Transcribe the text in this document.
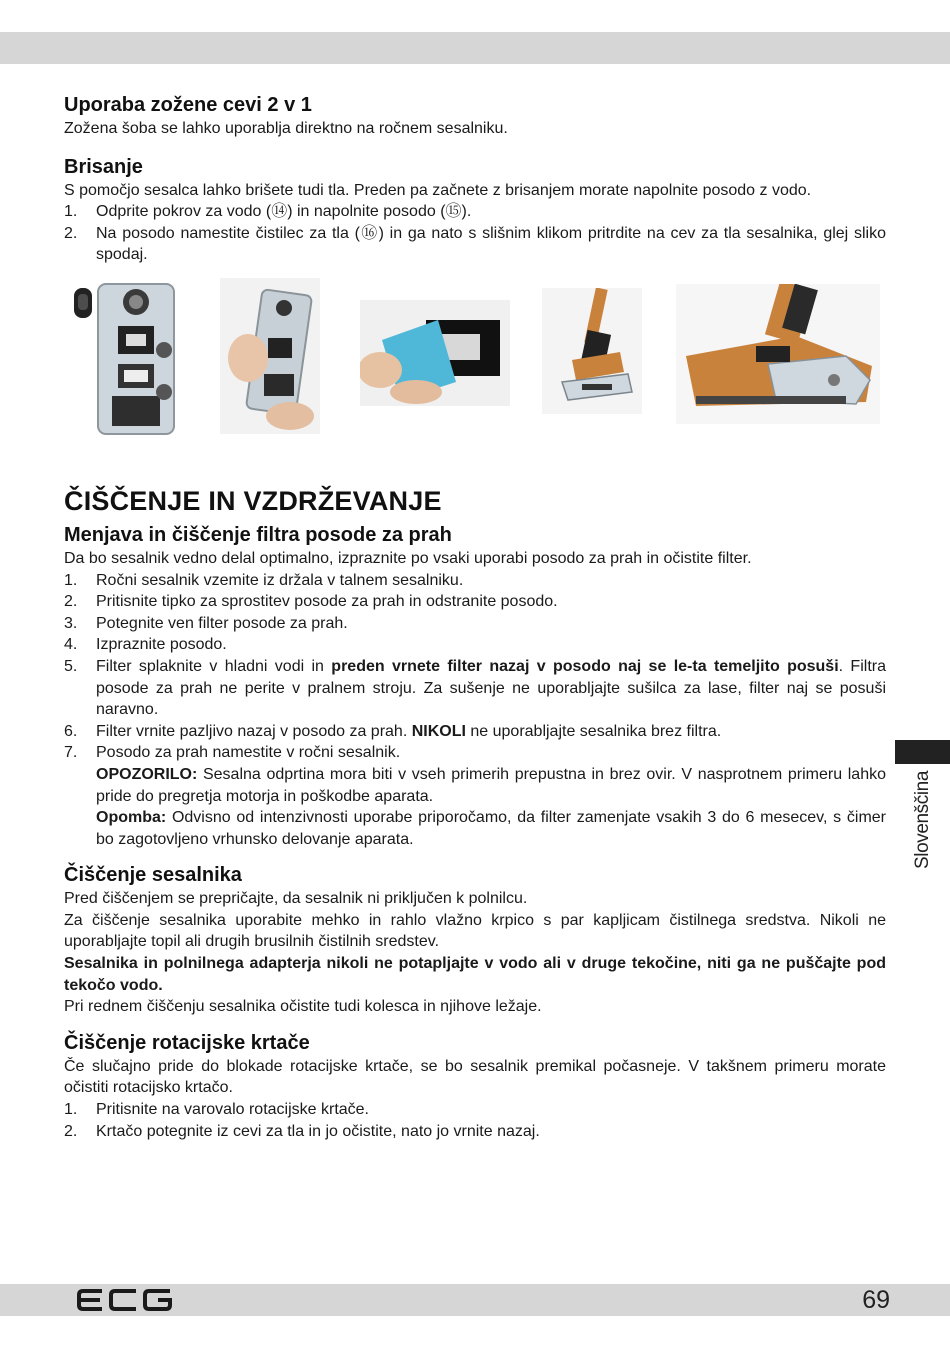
Slovenščina
Uporaba zožene cevi 2 v 1

Zožena šoba se lahko uporablja direktno na ročnem sesalniku.

Brisanje

S pomočjo sesalca lahko brišete tudi tla. Preden pa začnete z brisanjem morate napolnite posodo z vodo.

1. Odprite pokrov za vodo (⑭) in napolnite posodo (⑮).
2. Na posodo namestite čistilec za tla (⑯) in ga nato s slišnim klikom pritrdite na cev za tla sesalnika, glej sliko spodaj.
ČIŠČENJE IN VZDRŽEVANJE
Menjava in čiščenje filtra posode za prah

Da bo sesalnik vedno delal optimalno, izpraznite po vsaki uporabi posodo za prah in očistite filter.

1. Ročni sesalnik vzemite iz držala v talnem sesalniku.
2. Pritisnite tipko za sprostitev posode za prah in odstranite posodo.
3. Potegnite ven filter posode za prah.
4. Izpraznite posodo.
5. Filter splaknite v hladni vodi in preden vrnete filter nazaj v posodo naj se le-ta temeljito posuši. Filtra posode za prah ne perite v pralnem stroju. Za sušenje ne uporabljajte sušilca za lase, filter naj se posuši naravno.
6. Filter vrnite pazljivo nazaj v posodo za prah. NIKOLI ne uporabljajte sesalnika brez filtra.
7. Posodo za prah namestite v ročni sesalnik.
OPOZORILO: Sesalna odprtina mora biti v vseh primerih prepustna in brez ovir. V nasprotnem primeru lahko pride do pregretja motorja in poškodbe aparata.
Opomba: Odvisno od intenzivnosti uporabe priporočamo, da filter zamenjate vsakih 3 do 6 mesecev, s čimer bo zagotovljeno vrhunsko delovanje aparata.
Čiščenje sesalnika

Pred čiščenjem se prepričajte, da sesalnik ni priključen k polnilcu.

Za čiščenje sesalnika uporabite mehko in rahlo vlažno krpico s par kapljicam čistilnega sredstva. Nikoli ne uporabljajte topil ali drugih brusilnih čistilnih sredstev.

Sesalnika in polnilnega adapterja nikoli ne potapljajte v vodo ali v druge tekočine, niti ga ne puščajte pod tekočo vodo.

Pri rednem čiščenju sesalnika očistite tudi kolesca in njihove ležaje.

Čiščenje rotacijske krtače

Če slučajno pride do blokade rotacijske krtače, se bo sesalnik premikal počasneje. V takšnem primeru morate očistiti rotacijsko krtačo.

1. Pritisnite na varovalo rotacijske krtače.
2. Krtačo potegnite iz cevi za tla in jo očistite, nato jo vrnite nazaj.
69
